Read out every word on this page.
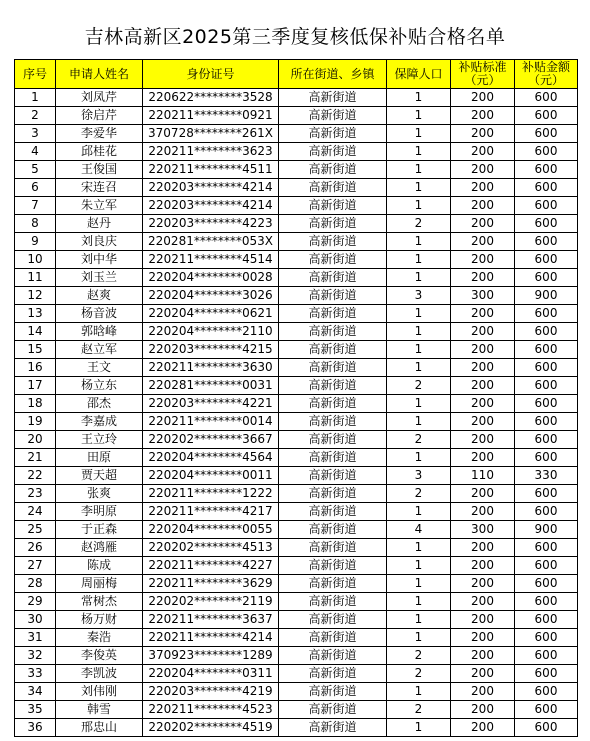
吉林高新区2025第三季度复核低保补贴合格名单
序号	申请人姓名	身份证号	所在街道、乡镇	保障人口	补贴标准（元）	补贴金额（元）
1	刘凤芹	220622********3528	高新街道	1	200	600
2	徐启芹	220211********0921	高新街道	1	200	600
3	李爱华	370728********261X	高新街道	1	200	600
4	邱桂花	220211********3623	高新街道	1	200	600
5	王俊国	220211********4511	高新街道	1	200	600
6	宋连召	220203********4214	高新街道	1	200	600
7	朱立军	220203********4214	高新街道	1	200	600
8	赵丹	220203********4223	高新街道	2	200	600
9	刘良庆	220281********053X	高新街道	1	200	600
10	刘中华	220211********4514	高新街道	1	200	600
11	刘玉兰	220204********0028	高新街道	1	200	600
12	赵爽	220204********3026	高新街道	3	300	900
13	杨音波	220204********0621	高新街道	1	200	600
14	郭晗峰	220204********2110	高新街道	1	200	600
15	赵立军	220203********4215	高新街道	1	200	600
16	王文	220211********3630	高新街道	1	200	600
17	杨立东	220281********0031	高新街道	2	200	600
18	邵杰	220203********4221	高新街道	1	200	600
19	李嘉成	220211********0014	高新街道	1	200	600
20	王立玲	220202********3667	高新街道	2	200	600
21	田原	220204********4564	高新街道	1	200	600
22	贾天超	220204********0011	高新街道	3	110	330
23	张爽	220211********1222	高新街道	2	200	600
24	李明原	220211********4217	高新街道	1	200	600
25	于正森	220204********0055	高新街道	4	300	900
26	赵鸿雁	220202********4513	高新街道	1	200	600
27	陈成	220211********4227	高新街道	1	200	600
28	周丽梅	220211********3629	高新街道	1	200	600
29	常树杰	220202********2119	高新街道	1	200	600
30	杨万财	220211********3637	高新街道	1	200	600
31	秦浩	220211********4214	高新街道	1	200	600
32	李俊英	370923********1289	高新街道	2	200	600
33	李凯波	220204********0311	高新街道	2	200	600
34	刘伟刚	220203********4219	高新街道	1	200	600
35	韩雪	220211********4523	高新街道	2	200	600
36	邢忠山	220202********4519	高新街道	1	200	600
